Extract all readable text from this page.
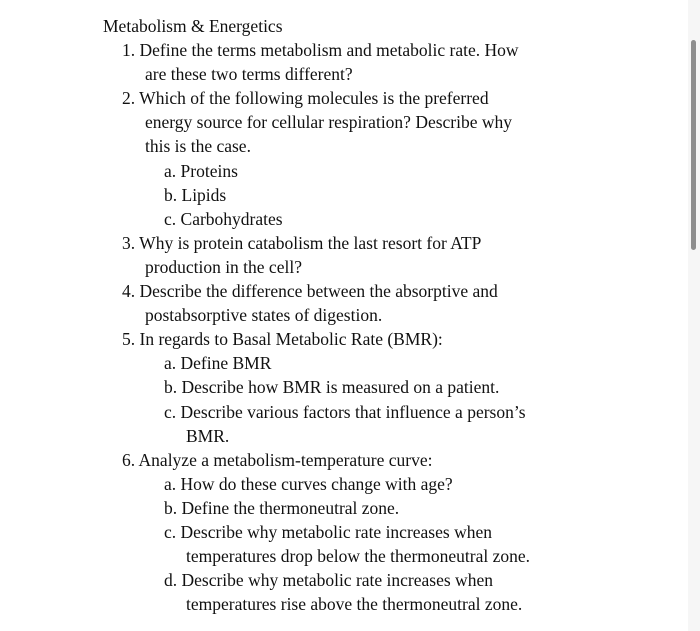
Metabolism & Energetics
1. Define the terms metabolism and metabolic rate. How
are these two terms different?
2. Which of the following molecules is the preferred
energy source for cellular respiration? Describe why
this is the case.
a. Proteins
b. Lipids
c. Carbohydrates
3. Why is protein catabolism the last resort for ATP
production in the cell?
4. Describe the difference between the absorptive and
postabsorptive states of digestion.
5. In regards to Basal Metabolic Rate (BMR):
a. Define BMR
b. Describe how BMR is measured on a patient.
c. Describe various factors that influence a person’s
BMR.
6. Analyze a metabolism-temperature curve:
a. How do these curves change with age?
b. Define the thermoneutral zone.
c. Describe why metabolic rate increases when
temperatures drop below the thermoneutral zone.
d. Describe why metabolic rate increases when
temperatures rise above the thermoneutral zone.
